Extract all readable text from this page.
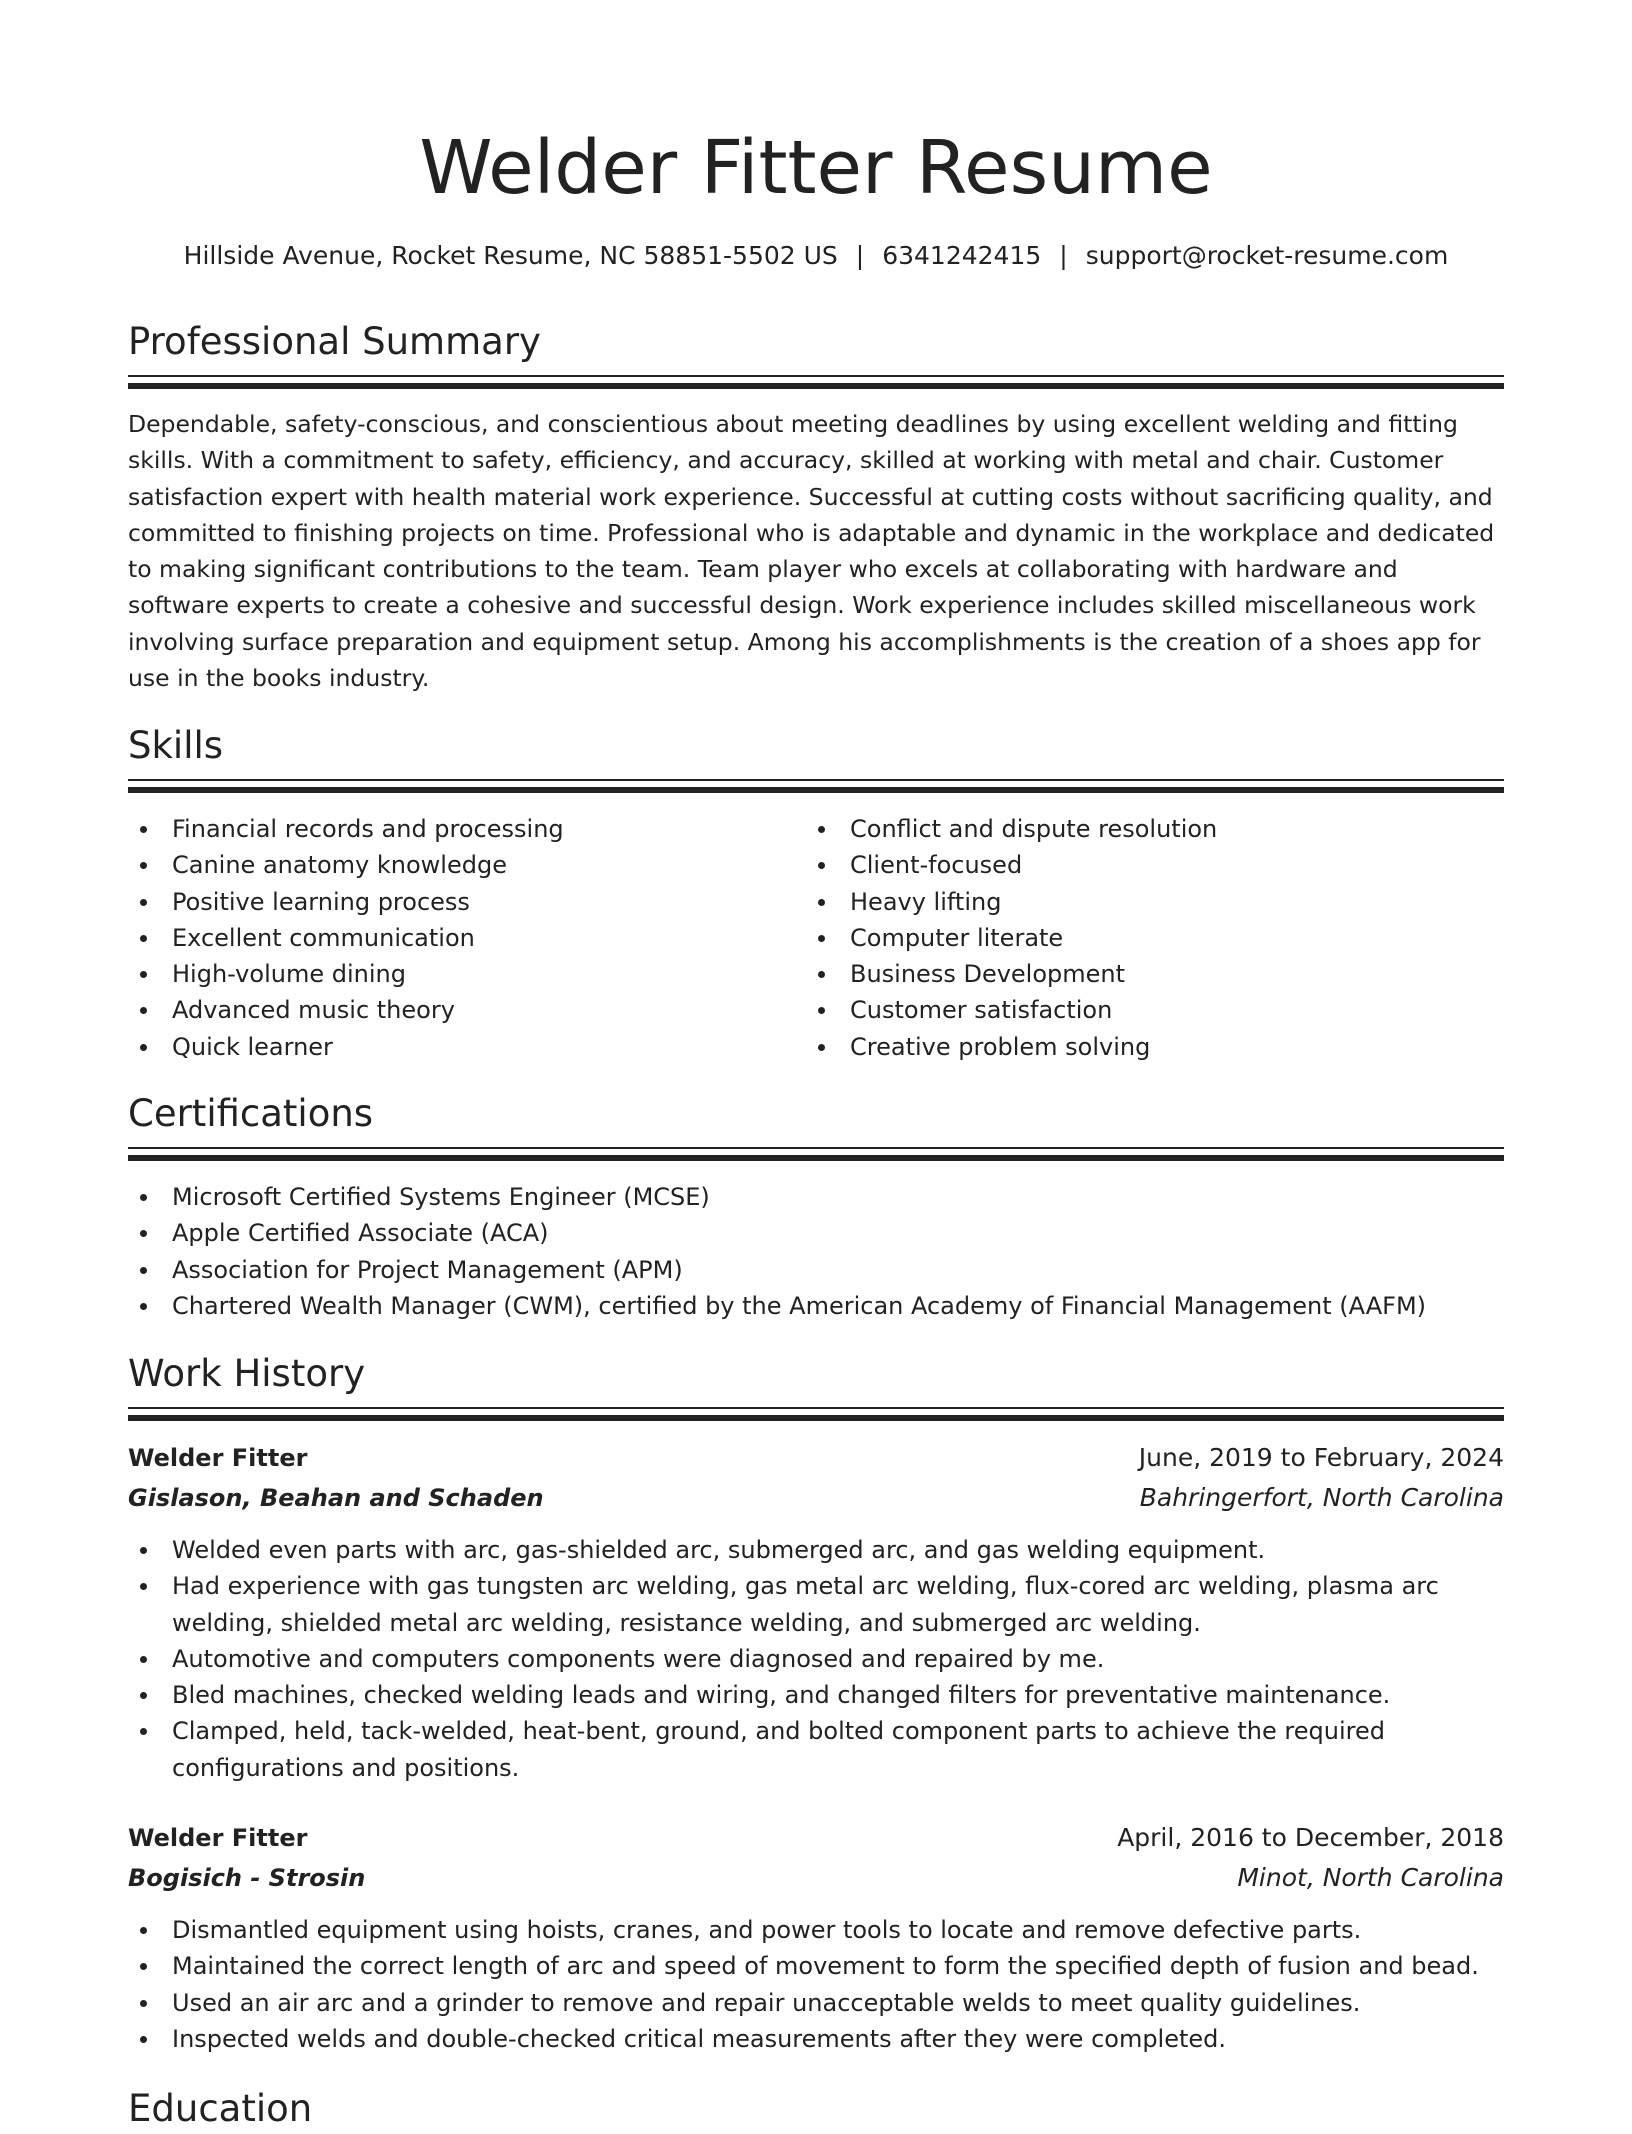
Welder Fitter Resume
Hillside Avenue, Rocket Resume, NC 58851-5502 US | 6341242415 | support@rocket-resume.com
Professional Summary
Dependable, safety-conscious, and conscientious about meeting deadlines by using excellent welding and fitting skills. With a commitment to safety, efficiency, and accuracy, skilled at working with metal and chair. Customer satisfaction expert with health material work experience. Successful at cutting costs without sacrificing quality, and committed to finishing projects on time. Professional who is adaptable and dynamic in the workplace and dedicated to making significant contributions to the team. Team player who excels at collaborating with hardware and software experts to create a cohesive and successful design. Work experience includes skilled miscellaneous work involving surface preparation and equipment setup. Among his accomplishments is the creation of a shoes app for use in the books industry.
Skills
Financial records and processing
Canine anatomy knowledge
Positive learning process
Excellent communication
High-volume dining
Advanced music theory
Quick learner
Conflict and dispute resolution
Client-focused
Heavy lifting
Computer literate
Business Development
Customer satisfaction
Creative problem solving
Certifications
Microsoft Certified Systems Engineer (MCSE)
Apple Certified Associate (ACA)
Association for Project Management (APM)
Chartered Wealth Manager (CWM), certified by the American Academy of Financial Management (AAFM)
Work History
Welder Fitter	June, 2019 to February, 2024
Gislason, Beahan and Schaden	Bahringerfort, North Carolina
Welded even parts with arc, gas-shielded arc, submerged arc, and gas welding equipment.
Had experience with gas tungsten arc welding, gas metal arc welding, flux-cored arc welding, plasma arc welding, shielded metal arc welding, resistance welding, and submerged arc welding.
Automotive and computers components were diagnosed and repaired by me.
Bled machines, checked welding leads and wiring, and changed filters for preventative maintenance.
Clamped, held, tack-welded, heat-bent, ground, and bolted component parts to achieve the required configurations and positions.
Welder Fitter	April, 2016 to December, 2018
Bogisich - Strosin	Minot, North Carolina
Dismantled equipment using hoists, cranes, and power tools to locate and remove defective parts.
Maintained the correct length of arc and speed of movement to form the specified depth of fusion and bead.
Used an air arc and a grinder to remove and repair unacceptable welds to meet quality guidelines.
Inspected welds and double-checked critical measurements after they were completed.
Education
